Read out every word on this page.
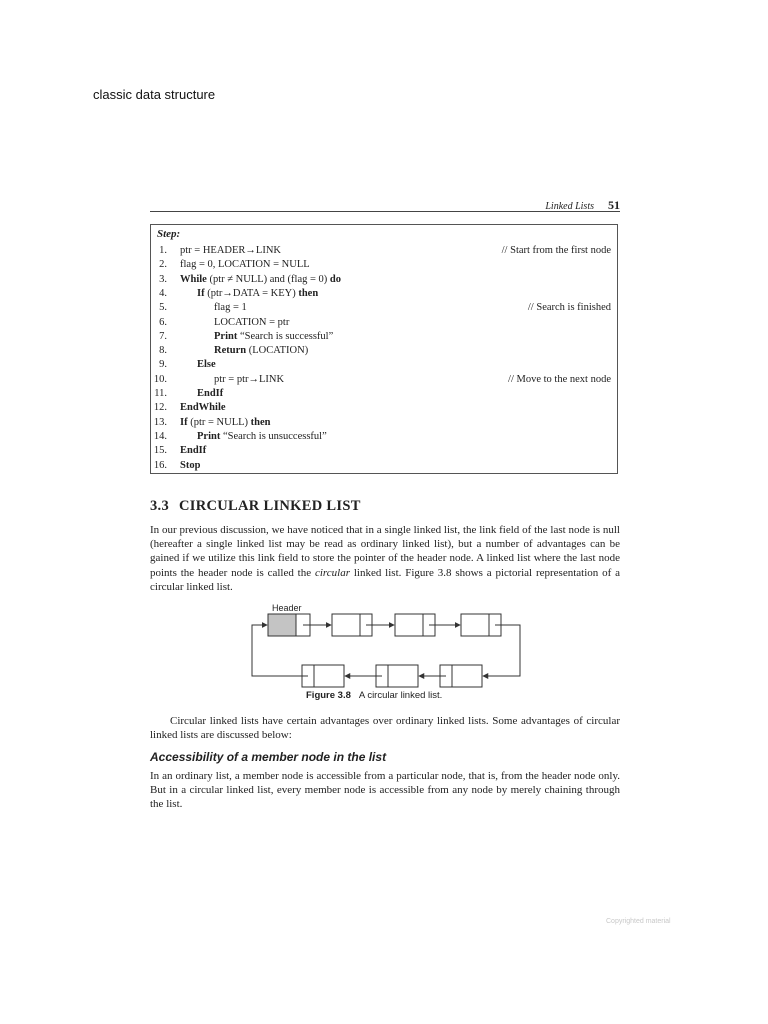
classic data structure
Linked Lists 51
Step:
1. ptr = HEADER→LINK	// Start from the first node
2. flag = 0, LOCATION = NULL
3. While (ptr ≠ NULL) and (flag = 0) do
4.	If (ptr→DATA = KEY) then
5.	flag = 1	// Search is finished
6.	LOCATION = ptr
7.	Print “Search is successful”
8.	Return (LOCATION)
9.	Else
10.	ptr = ptr→LINK	// Move to the next node
11.	EndIf
12. EndWhile
13. If (ptr = NULL) then
14.	Print “Search is unsuccessful”
15. EndIf
16. Stop
3.3 CIRCULAR LINKED LIST

In our previous discussion, we have noticed that in a single linked list, the link field of the last node is null (hereafter a single linked list may be read as ordinary linked list), but a number of advantages can be gained if we utilize this link field to store the pointer of the header node. A linked list where the last node points the header node is called the circular linked list. Figure 3.8 shows a pictorial representation of a circular linked list.

Header
Figure 3.8 A circular linked list.

Circular linked lists have certain advantages over ordinary linked lists. Some advantages of circular linked lists are discussed below:

Accessibility of a member node in the list

In an ordinary list, a member node is accessible from a particular node, that is, from the header node only. But in a circular linked list, every member node is accessible from any node by merely chaining through the list.

Copyrighted material
